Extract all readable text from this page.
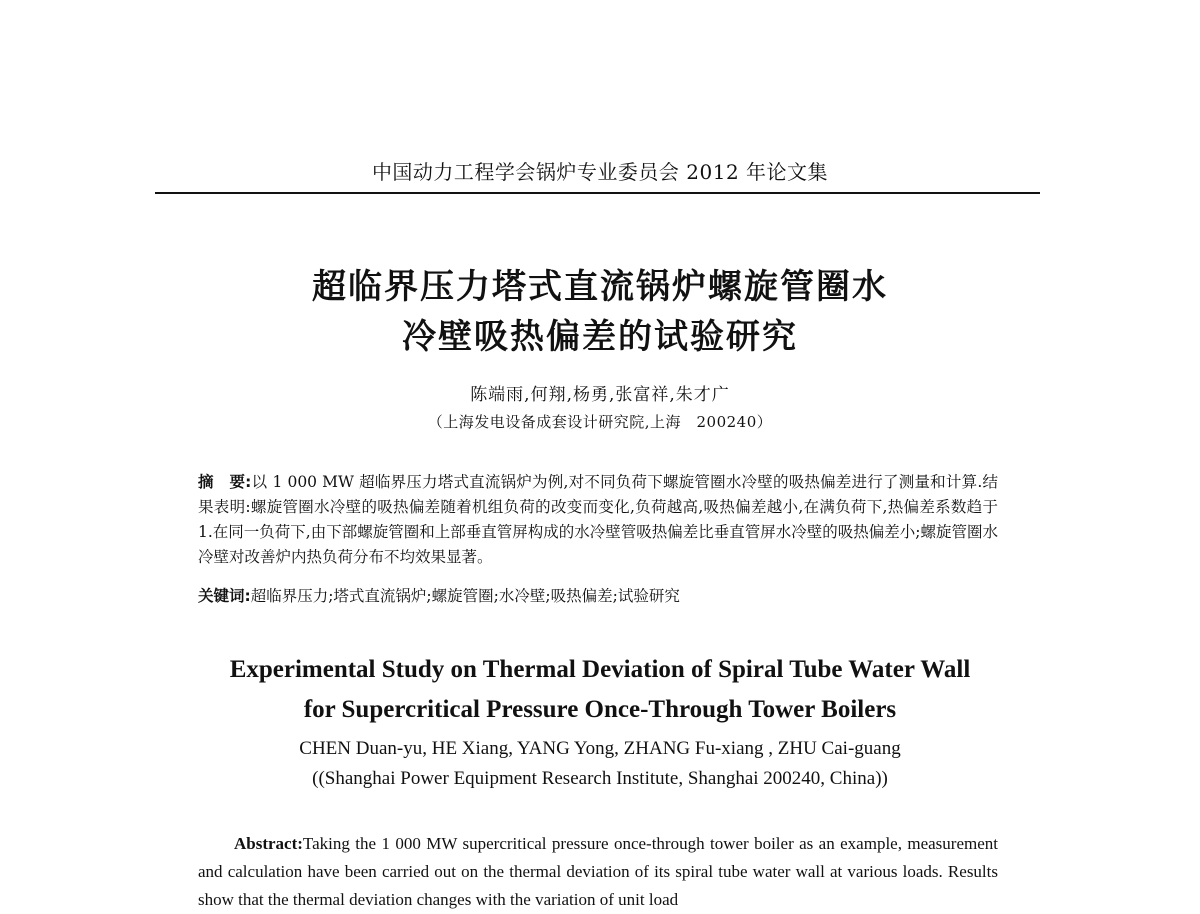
中国动力工程学会锅炉专业委员会 2012 年论文集
超临界压力塔式直流锅炉螺旋管圈水
冷壁吸热偏差的试验研究
陈端雨,何翔,杨勇,张富祥,朱才广
（上海发电设备成套设计研究院,上海　200240）
摘　要:以 1 000 MW 超临界压力塔式直流锅炉为例,对不同负荷下螺旋管圈水冷壁的吸热偏差进行了测量和计算.结果表明:螺旋管圈水冷壁的吸热偏差随着机组负荷的改变而变化,负荷越高,吸热偏差越小,在满负荷下,热偏差系数趋于 1.在同一负荷下,由下部螺旋管圈和上部垂直管屏构成的水冷壁管吸热偏差比垂直管屏水冷壁的吸热偏差小;螺旋管圈水冷壁对改善炉内热负荷分布不均效果显著。
关键词:超临界压力;塔式直流锅炉;螺旋管圈;水冷壁;吸热偏差;试验研究
Experimental Study on Thermal Deviation of Spiral Tube Water Wall
for Supercritical Pressure Once-Through Tower Boilers
CHEN Duan-yu, HE Xiang, YANG Yong, ZHANG Fu-xiang , ZHU Cai-guang
((Shanghai Power Equipment Research Institute, Shanghai 200240, China))
Abstract:Taking the 1 000 MW supercritical pressure once-through tower boiler as an example, measurement and calculation have been carried out on the thermal deviation of its spiral tube water wall at various loads. Results show that the thermal deviation changes with the variation of unit load
